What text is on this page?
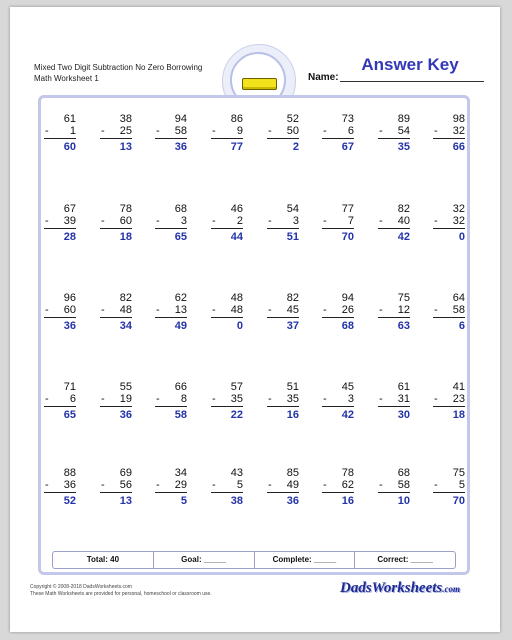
Mixed Two Digit Subtraction No Zero Borrowing
Math Worksheet 1	Name:
Answer Key
61
-	1
60
38
-	25
13
94
-	58
36
86
-	9
77
52
-	50
2
73
-	6
67
89
-	54
35
98
-	32
66
67
-	39
28
78
-	60
18
68
-	3
65
46
-	2
44
54
-	3
51
77
-	7
70
82
-	40
42
32
-	32
0
96
-	60
36
82
-	48
34
62
-	13
49
48
-	48
0
82
-	45
37
94
-	26
68
75
-	12
63
64
-	58
6
71
-	6
65
55
-	19
36
66
-	8
58
57
-	35
22
51
-	35
16
45
-	3
42
61
-	31
30
41
-	23
18
88
-	36
52
69
-	56
13
34
-	29
5
43
-	5
38
85
-	49
36
78
-	62
16
68
-	58
10
75
-	5
70
Total: 40	Goal: _____	Complete: _____	Correct: _____
Copyright © 2008-2018 DadsWorksheets.com
These Math Worksheets are provided for personal, homeschool or classroom use.	DadsWorksheets.com
